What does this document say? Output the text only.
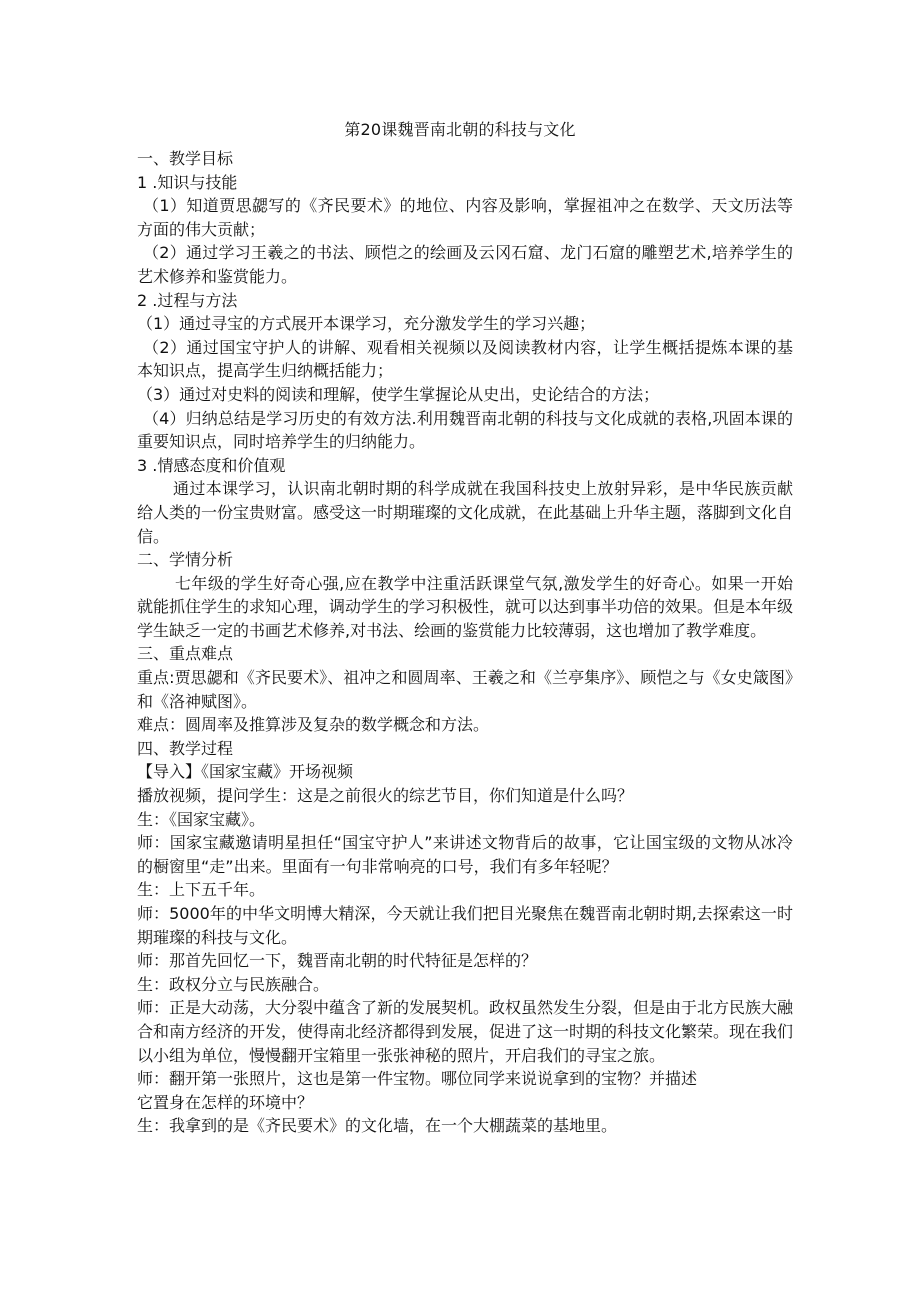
第20课魏晋南北朝的科技与文化

一、教学目标

1 .知识与技能

（1）知道贾思勰写的《齐民要术》的地位、内容及影响，掌握祖冲之在数学、天文历法等方面的伟大贡献；

（2）通过学习王羲之的书法、顾恺之的绘画及云冈石窟、龙门石窟的雕塑艺术,培养学生的艺术修养和鉴赏能力。

2 .过程与方法

（1）通过寻宝的方式展开本课学习，充分激发学生的学习兴趣；

（2）通过国宝守护人的讲解、观看相关视频以及阅读教材内容，让学生概括提炼本课的基本知识点，提高学生归纳概括能力；

（3）通过对史料的阅读和理解，使学生掌握论从史出，史论结合的方法；

（4）归纳总结是学习历史的有效方法.利用魏晋南北朝的科技与文化成就的表格,巩固本课的重要知识点，同时培养学生的归纳能力。

3 .情感态度和价值观

通过本课学习，认识南北朝时期的科学成就在我国科技史上放射异彩，是中华民族贡献给人类的一份宝贵财富。感受这一时期璀璨的文化成就，在此基础上升华主题，落脚到文化自信。

二、学情分析

七年级的学生好奇心强,应在教学中注重活跃课堂气氛,激发学生的好奇心。如果一开始就能抓住学生的求知心理，调动学生的学习积极性，就可以达到事半功倍的效果。但是本年级学生缺乏一定的书画艺术修养,对书法、绘画的鉴赏能力比较薄弱，这也增加了教学难度。

三、重点难点

重点:贾思勰和《齐民要术》、祖冲之和圆周率、王羲之和《兰亭集序》、顾恺之与《女史箴图》和《洛神赋图》。

难点：圆周率及推算涉及复杂的数学概念和方法。

四、教学过程

【导入】《国家宝藏》开场视频

播放视频，提问学生：这是之前很火的综艺节目，你们知道是什么吗？

生：《国家宝藏》。

师：国家宝藏邀请明星担任“国宝守护人”来讲述文物背后的故事，它让国宝级的文物从冰冷的橱窗里“走”出来。里面有一句非常响亮的口号，我们有多年轻呢？

生：上下五千年。

师：5000年的中华文明博大精深，今天就让我们把目光聚焦在魏晋南北朝时期,去探索这一时期璀璨的科技与文化。

师：那首先回忆一下，魏晋南北朝的时代特征是怎样的？

生：政权分立与民族融合。

师：正是大动荡，大分裂中蕴含了新的发展契机。政权虽然发生分裂，但是由于北方民族大融合和南方经济的开发，使得南北经济都得到发展，促进了这一时期的科技文化繁荣。现在我们以小组为单位，慢慢翻开宝箱里一张张神秘的照片，开启我们的寻宝之旅。

师：翻开第一张照片，这也是第一件宝物。哪位同学来说说拿到的宝物？并描述

它置身在怎样的环境中？

生：我拿到的是《齐民要术》的文化墙，在一个大棚蔬菜的基地里。
